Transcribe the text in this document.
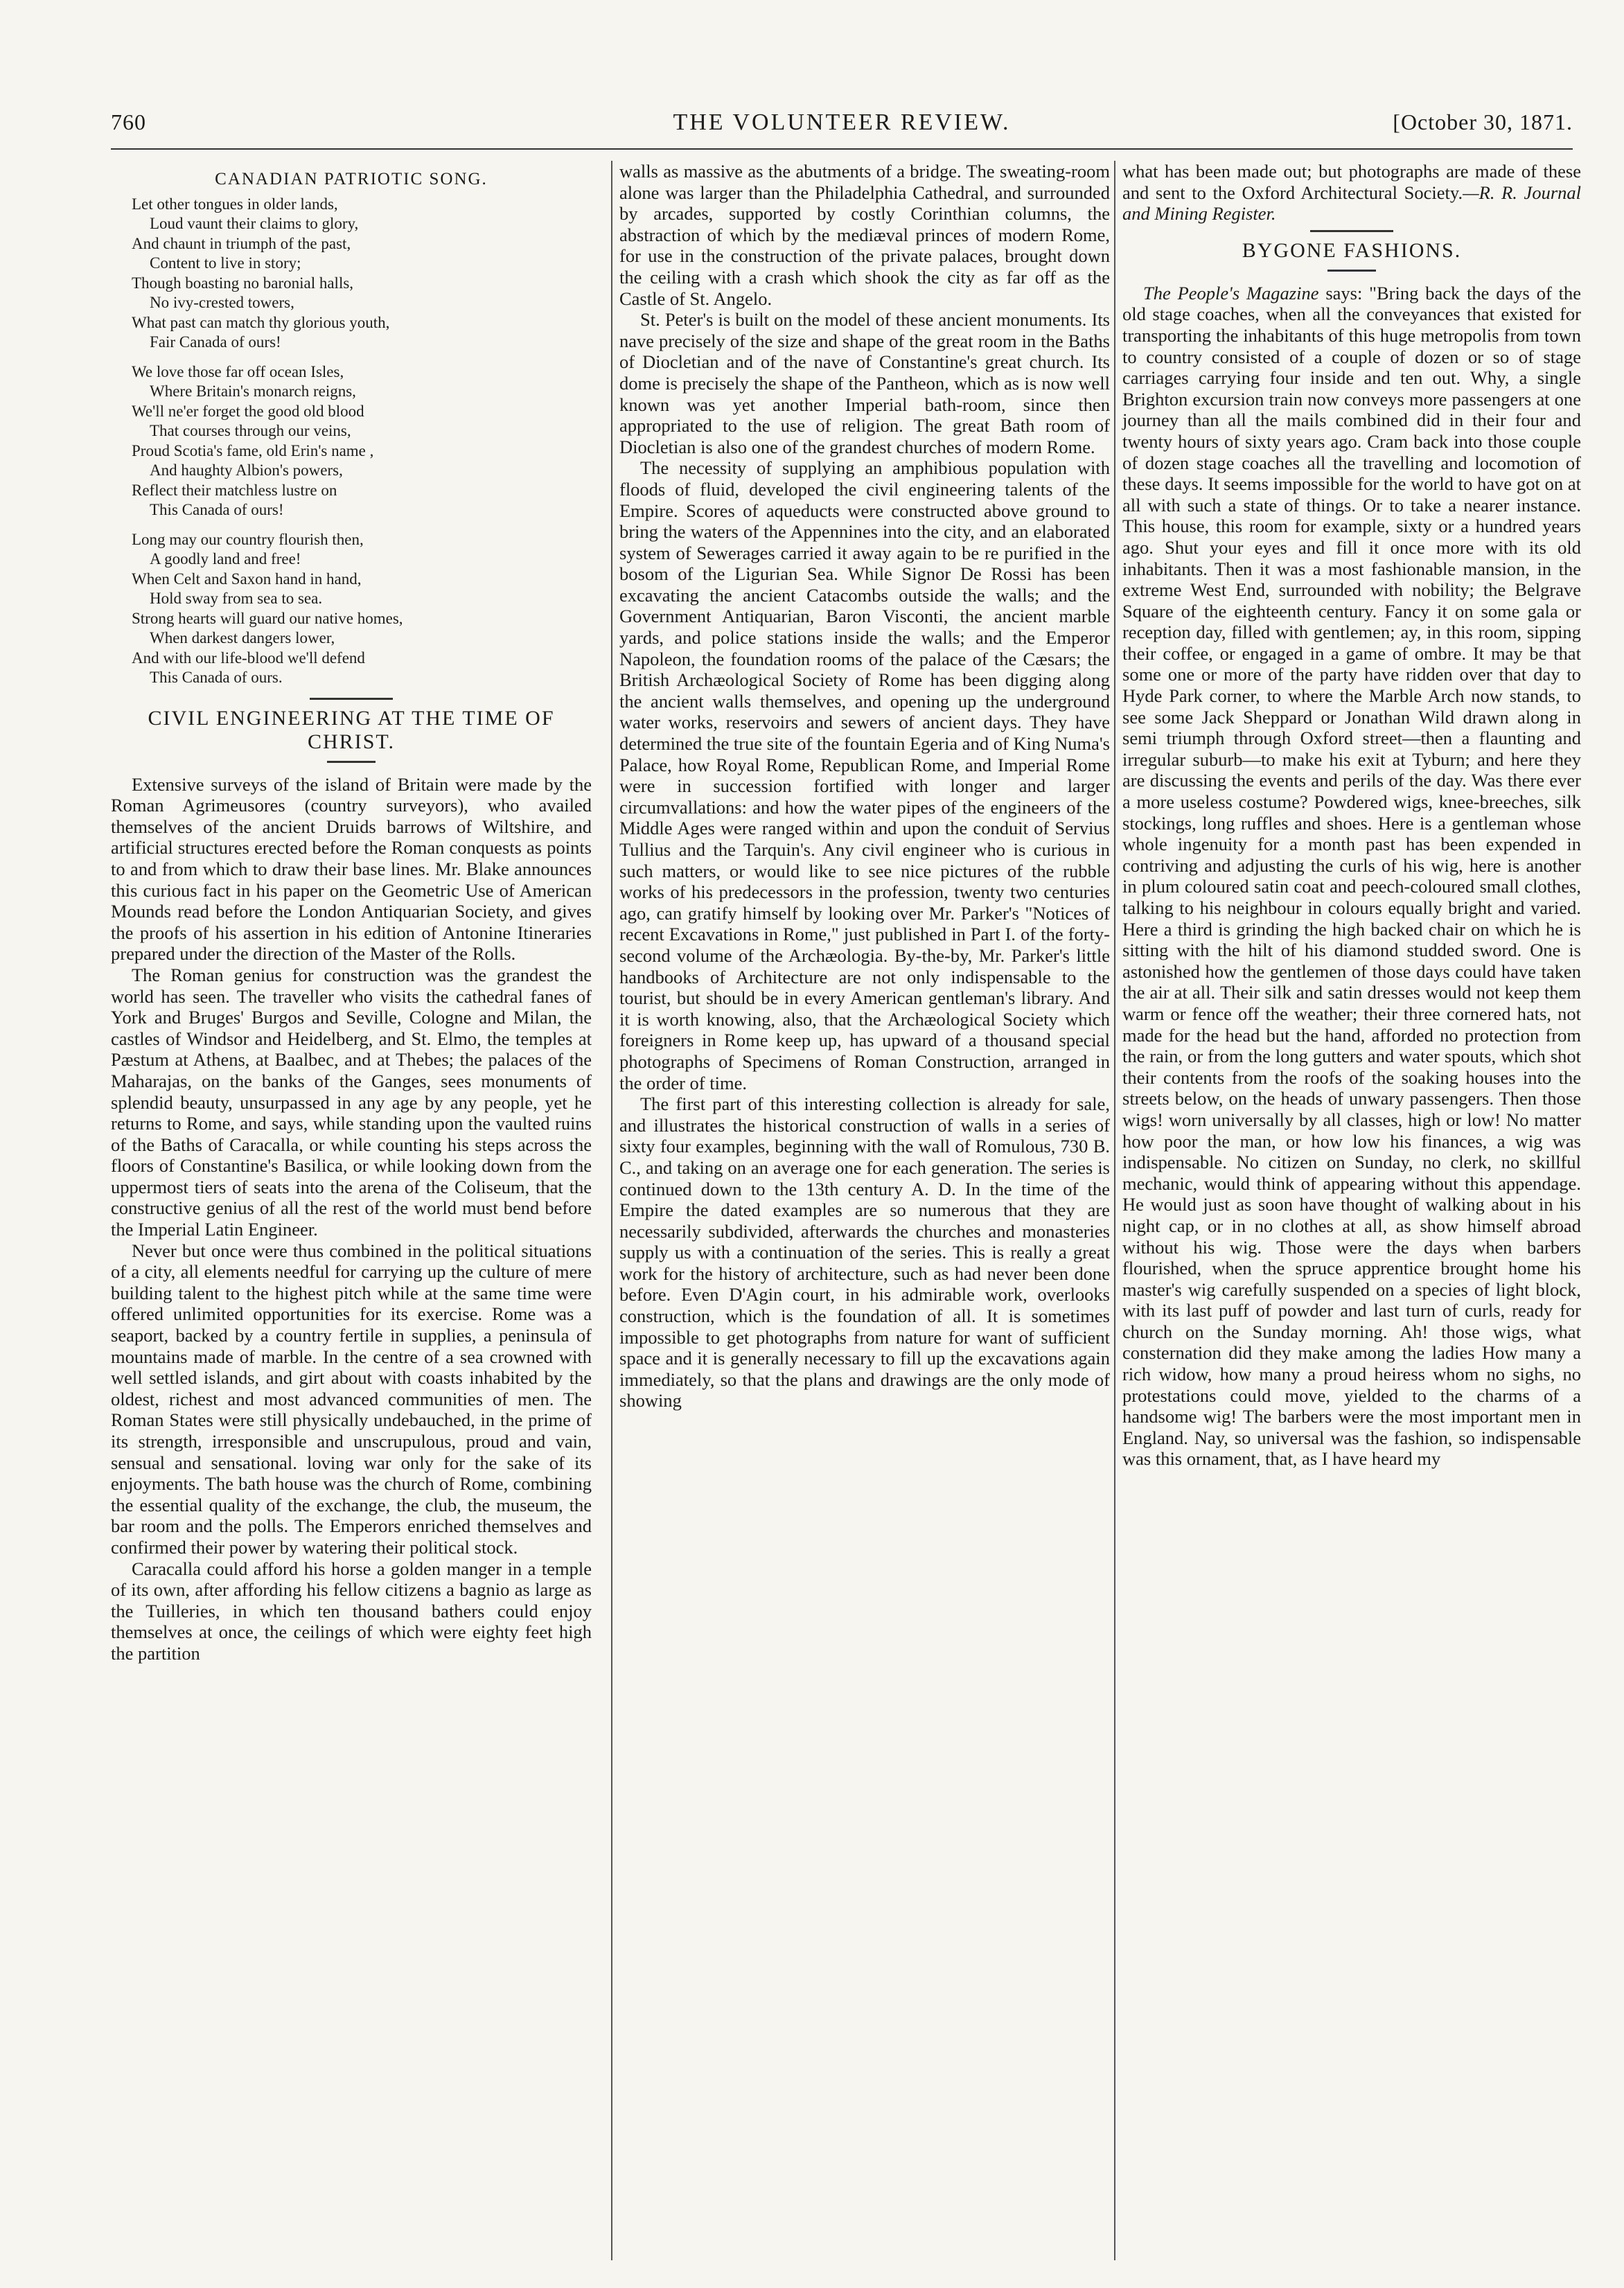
760	THE VOLUNTEER REVIEW.	[October 30, 1871.
CANADIAN PATRIOTIC SONG.
Let other tongues in older lands,
Loud vaunt their claims to glory,
And chaunt in triumph of the past,
Content to live in story;
Though boasting no baronial halls,
No ivy-crested towers,
What past can match thy glorious youth,
Fair Canada of ours!
We love those far off ocean Isles,
Where Britain's monarch reigns,
We'll ne'er forget the good old blood
That courses through our veins,
Proud Scotia's fame, old Erin's name ,
And haughty Albion's powers,
Reflect their matchless lustre on
This Canada of ours!
Long may our country flourish then,
A goodly land and free!
When Celt and Saxon hand in hand,
Hold sway from sea to sea.
Strong hearts will guard our native homes,
When darkest dangers lower,
And with our life-blood we'll defend
This Canada of ours.
CIVIL ENGINEERING AT THE TIME OF CHRIST.

Extensive surveys of the island of Britain were made by the Roman Agrimeusores (country surveyors), who availed themselves of the ancient Druids barrows of Wiltshire, and artificial structures erected before the Roman conquests as points to and from which to draw their base lines. Mr. Blake announces this curious fact in his paper on the Geometric Use of American Mounds read before the London Antiquarian Society, and gives the proofs of his assertion in his edition of Antonine Itineraries prepared under the direction of the Master of the Rolls.

The Roman genius for construction was the grandest the world has seen. The traveller who visits the cathedral fanes of York and Bruges' Burgos and Seville, Cologne and Milan, the castles of Windsor and Heidelberg, and St. Elmo, the temples at Pæstum at Athens, at Baalbec, and at Thebes; the palaces of the Maharajas, on the banks of the Ganges, sees monuments of splendid beauty, unsurpassed in any age by any people, yet he returns to Rome, and says, while standing upon the vaulted ruins of the Baths of Caracalla, or while counting his steps across the floors of Constantine's Basilica, or while looking down from the uppermost tiers of seats into the arena of the Coliseum, that the constructive genius of all the rest of the world must bend before the Imperial Latin Engineer.

Never but once were thus combined in the political situations of a city, all elements needful for carrying up the culture of mere building talent to the highest pitch while at the same time were offered unlimited opportunities for its exercise. Rome was a seaport, backed by a country fertile in supplies, a peninsula of mountains made of marble. In the centre of a sea crowned with well settled islands, and girt about with coasts inhabited by the oldest, richest and most advanced communities of men. The Roman States were still physically undebauched, in the prime of its strength, irresponsible and unscrupulous, proud and vain, sensual and sensational. loving war only for the sake of its enjoyments. The bath house was the church of Rome, combining the essential quality of the exchange, the club, the museum, the bar room and the polls. The Emperors enriched themselves and confirmed their power by watering their political stock.

Caracalla could afford his horse a golden manger in a temple of its own, after affording his fellow citizens a bagnio as large as the Tuilleries, in which ten thousand bathers could enjoy themselves at once, the ceilings of which were eighty feet high the partition

walls as massive as the abutments of a bridge. The sweating-room alone was larger than the Philadelphia Cathedral, and surrounded by arcades, supported by costly Corinthian columns, the abstraction of which by the mediæval princes of modern Rome, for use in the construction of the private palaces, brought down the ceiling with a crash which shook the city as far off as the Castle of St. Angelo.

St. Peter's is built on the model of these ancient monuments. Its nave precisely of the size and shape of the great room in the Baths of Diocletian and of the nave of Constantine's great church. Its dome is precisely the shape of the Pantheon, which as is now well known was yet another Imperial bath-room, since then appropriated to the use of religion. The great Bath room of Diocletian is also one of the grandest churches of modern Rome.

The necessity of supplying an amphibious population with floods of fluid, developed the civil engineering talents of the Empire. Scores of aqueducts were constructed above ground to bring the waters of the Appennines into the city, and an elaborated system of Sewerages carried it away again to be re purified in the bosom of the Ligurian Sea. While Signor De Rossi has been excavating the ancient Catacombs outside the walls; and the Government Antiquarian, Baron Visconti, the ancient marble yards, and police stations inside the walls; and the Emperor Napoleon, the foundation rooms of the palace of the Cæsars; the British Archæological Society of Rome has been digging along the ancient walls themselves, and opening up the underground water works, reservoirs and sewers of ancient days. They have determined the true site of the fountain Egeria and of King Numa's Palace, how Royal Rome, Republican Rome, and Imperial Rome were in succession fortified with longer and larger circumvallations: and how the water pipes of the engineers of the Middle Ages were ranged within and upon the conduit of Servius Tullius and the Tarquin's. Any civil engineer who is curious in such matters, or would like to see nice pictures of the rubble works of his predecessors in the profession, twenty two centuries ago, can gratify himself by looking over Mr. Parker's "Notices of recent Excavations in Rome," just published in Part I. of the forty-second volume of the Archæologia. By-the-by, Mr. Parker's little handbooks of Architecture are not only indispensable to the tourist, but should be in every American gentleman's library. And it is worth knowing, also, that the Archæological Society which foreigners in Rome keep up, has upward of a thousand special photographs of Specimens of Roman Construction, arranged in the order of time.

The first part of this interesting collection is already for sale, and illustrates the historical construction of walls in a series of sixty four examples, beginning with the wall of Romulous, 730 B. C., and taking on an average one for each generation. The series is continued down to the 13th century A. D. In the time of the Empire the dated examples are so numerous that they are necessarily subdivided, afterwards the churches and monasteries supply us with a continuation of the series. This is really a great work for the history of architecture, such as had never been done before. Even D'Agin court, in his admirable work, overlooks construction, which is the foundation of all. It is sometimes impossible to get photographs from nature for want of sufficient space and it is generally necessary to fill up the excavations again immediately, so that the plans and drawings are the only mode of showing

what has been made out; but photographs are made of these and sent to the Oxford Architectural Society.—R. R. Journal and Mining Register.

BYGONE FASHIONS.

The People's Magazine says: "Bring back the days of the old stage coaches, when all the conveyances that existed for transporting the inhabitants of this huge metropolis from town to country consisted of a couple of dozen or so of stage carriages carrying four inside and ten out. Why, a single Brighton excursion train now conveys more passengers at one journey than all the mails combined did in their four and twenty hours of sixty years ago. Cram back into those couple of dozen stage coaches all the travelling and locomotion of these days. It seems impossible for the world to have got on at all with such a state of things. Or to take a nearer instance. This house, this room for example, sixty or a hundred years ago. Shut your eyes and fill it once more with its old inhabitants. Then it was a most fashionable mansion, in the extreme West End, surrounded with nobility; the Belgrave Square of the eighteenth century. Fancy it on some gala or reception day, filled with gentlemen; ay, in this room, sipping their coffee, or engaged in a game of ombre. It may be that some one or more of the party have ridden over that day to Hyde Park corner, to where the Marble Arch now stands, to see some Jack Sheppard or Jonathan Wild drawn along in semi triumph through Oxford street—then a flaunting and irregular suburb—to make his exit at Tyburn; and here they are discussing the events and perils of the day. Was there ever a more useless costume? Powdered wigs, knee-breeches, silk stockings, long ruffles and shoes. Here is a gentleman whose whole ingenuity for a month past has been expended in contriving and adjusting the curls of his wig, here is another in plum coloured satin coat and peech-coloured small clothes, talking to his neighbour in colours equally bright and varied. Here a third is grinding the high backed chair on which he is sitting with the hilt of his diamond studded sword. One is astonished how the gentlemen of those days could have taken the air at all. Their silk and satin dresses would not keep them warm or fence off the weather; their three cornered hats, not made for the head but the hand, afforded no protection from the rain, or from the long gutters and water spouts, which shot their contents from the roofs of the soaking houses into the streets below, on the heads of unwary passengers. Then those wigs! worn universally by all classes, high or low! No matter how poor the man, or how low his finances, a wig was indispensable. No citizen on Sunday, no clerk, no skillful mechanic, would think of appearing without this appendage. He would just as soon have thought of walking about in his night cap, or in no clothes at all, as show himself abroad without his wig. Those were the days when barbers flourished, when the spruce apprentice brought home his master's wig carefully suspended on a species of light block, with its last puff of powder and last turn of curls, ready for church on the Sunday morning. Ah! those wigs, what consternation did they make among the ladies How many a rich widow, how many a proud heiress whom no sighs, no protestations could move, yielded to the charms of a handsome wig! The barbers were the most important men in England. Nay, so universal was the fashion, so indispensable was this ornament, that, as I have heard my
